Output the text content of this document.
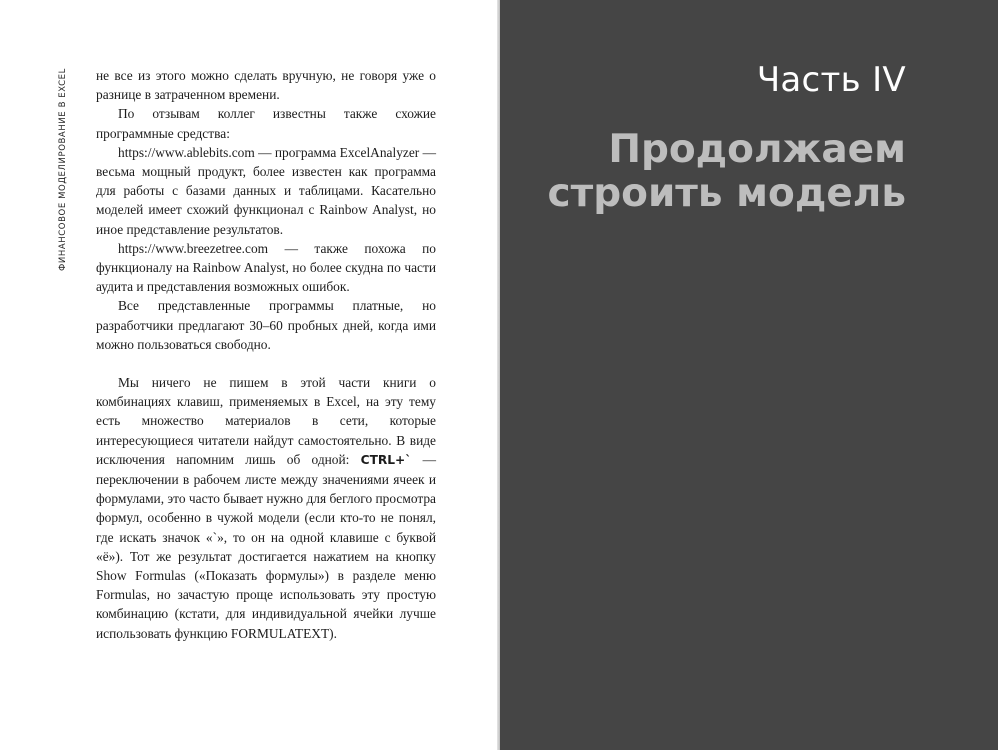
ФИНАНСОВОЕ МОДЕЛИРОВАНИЕ В EXCEL не все из этого можно сделать вручную, не говоря уже о разнице в затраченном времени.

По отзывам коллег известны также схожие программные средства:

https://www.ablebits.com — программа ExcelAnalyzer — весьма мощный продукт, более известен как программа для работы с базами данных и таблицами. Касательно моделей имеет схожий функционал с Rainbow Analyst, но иное представление результатов.

https://www.breezetree.com — также похожа по функционалу на Rainbow Analyst, но более скудна по части аудита и представления возможных ошибок.

Все представленные программы платные, но разработчики предлагают 30–60 пробных дней, когда ими можно пользоваться свободно.

Мы ничего не пишем в этой части книги о комбинациях клавиш, применяемых в Excel, на эту тему есть множество материалов в сети, которые интересующиеся читатели найдут самостоятельно. В виде исключения напомним лишь об одной: CTRL+` — переключении в рабочем листе между значениями ячеек и формулами, это часто бывает нужно для беглого просмотра формул, особенно в чужой модели (если кто-то не понял, где искать значок «`», то он на одной клавише с буквой «ё»). Тот же результат достигается нажатием на кнопку Show Formulas («Показать формулы») в разделе меню Formulas, но зачастую проще использовать эту простую комбинацию (кстати, для индивидуальной ячейки лучше использовать функцию FORMULATEXT).

Часть IV
Продолжаем
строить модель
